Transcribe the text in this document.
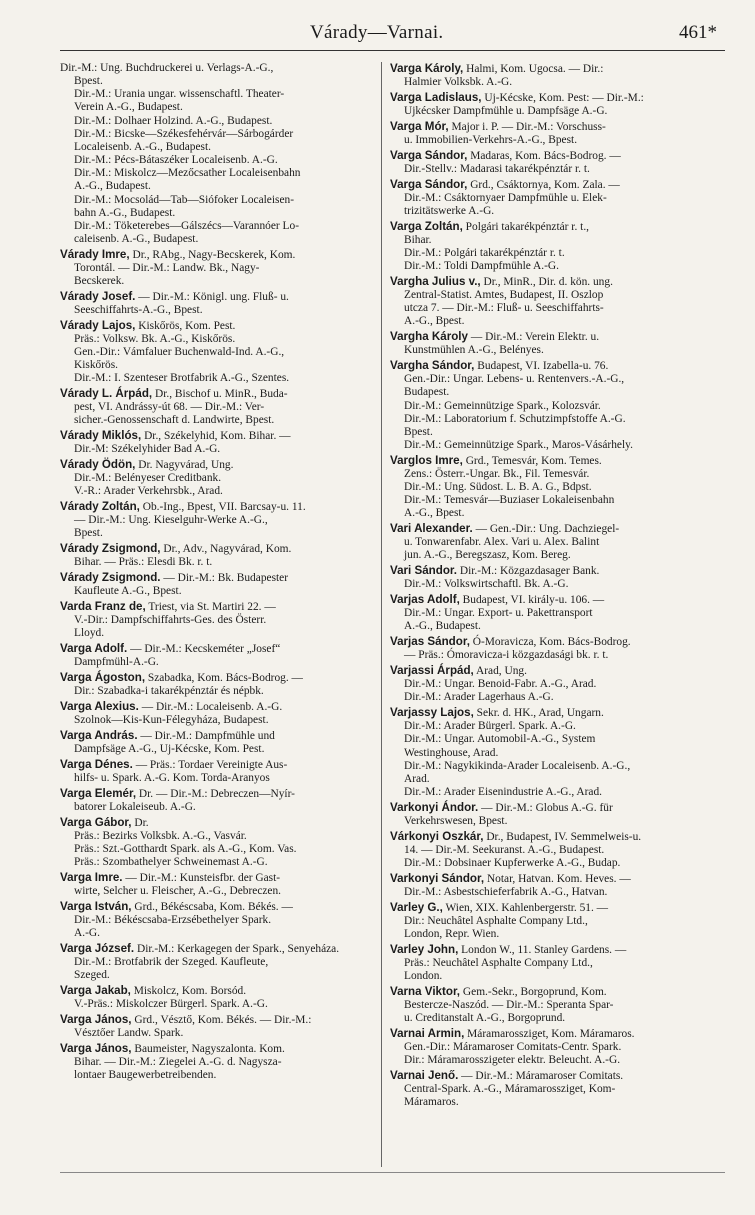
Várady—Varnai.	461*
Dir.-M.: Ung. Buchdruckerei u. Verlags-A.-G.,
Bpest.
Dir.-M.: Urania ungar. wissenschaftl. Theater-
Verein A.-G., Budapest.
Dir.-M.: Dolhaer Holzind. A.-G., Budapest.
Dir.-M.: Bicske—Székesfehérvár—Sárbogárder
Localeisenb. A.-G., Budapest.
Dir.-M.: Pécs-Bátaszéker Localeisenb. A.-G.
Dir.-M.: Miskolcz—Mezőcsather Localeisenbahn
A.-G., Budapest.
Dir.-M.: Mocsolád—Tab—Siófoker Localeisen-
bahn A.-G., Budapest.
Dir.-M.: Töketerebes—Gálszécs—Varannóer Lo-
caleisenb. A.-G., Budapest.
Várady Imre, Dr., RAbg., Nagy-Becskerek, Kom.
Torontál. — Dir.-M.: Landw. Bk., Nagy-
Becskerek.
Várady Josef. — Dir.-M.: Königl. ung. Fluß- u.
Seeschiffahrts-A.-G., Bpest.
Várady Lajos, Kiskőrös, Kom. Pest.
Präs.: Volksw. Bk. A.-G., Kiskőrös.
Gen.-Dir.: Vámfaluer Buchenwald-Ind. A.-G.,
Kiskőrös.
Dir.-M.: I. Szenteser Brotfabrik A.-G., Szentes.
Várady L. Árpád, Dr., Bischof u. MinR., Buda-
pest, VI. Andrássy-út 68. — Dir.-M.: Ver-
sicher.-Genossenschaft d. Landwirte, Bpest.
Várady Miklós, Dr., Székelyhid, Kom. Bihar. —
Dir.-M: Székelyhider Bad A.-G.
Várady Ödön, Dr. Nagyvárad, Ung.
Dir.-M.: Belényeser Creditbank.
V.-R.: Arader Verkehrsbk., Arad.
Várady Zoltán, Ob.-Ing., Bpest, VII. Barcsay-u. 11.
— Dir.-M.: Ung. Kieselguhr-Werke A.-G.,
Bpest.
Várady Zsigmond, Dr., Adv., Nagyvárad, Kom.
Bihar. — Präs.: Elesdi Bk. r. t.
Várady Zsigmond. — Dir.-M.: Bk. Budapester
Kaufleute A.-G., Bpest.
Varda Franz de, Triest, via St. Martiri 22. —
V.-Dir.: Dampfschiffahrts-Ges. des Österr.
Lloyd.
Varga Adolf. — Dir.-M.: Kecskeméter „Josef“
Dampfmühl-A.-G.
Varga Ágoston, Szabadka, Kom. Bács-Bodrog. —
Dir.: Szabadka-i takarékpénztár és népbk.
Varga Alexius. — Dir.-M.: Localeisenb. A.-G.
Szolnok—Kis-Kun-Félegyháza, Budapest.
Varga András. — Dir.-M.: Dampfmühle und
Dampfsäge A.-G., Uj-Kécske, Kom. Pest.
Varga Dénes. — Präs.: Tordaer Vereinigte Aus-
hilfs- u. Spark. A.-G. Kom. Torda-Aranyos
Varga Elemér, Dr. — Dir.-M.: Debreczen—Nyír-
batorer Lokaleiseub. A.-G.
Varga Gábor, Dr.
Präs.: Bezirks Volksbk. A.-G., Vasvár.
Präs.: Szt.-Gotthardt Spark. als A.-G., Kom. Vas.
Präs.: Szombathelyer Schweinemast A.-G.
Varga Imre. — Dir.-M.: Kunsteisfbr. der Gast-
wirte, Selcher u. Fleischer, A.-G., Debreczen.
Varga István, Grd., Békéscsaba, Kom. Békés. —
Dir.-M.: Békéscsaba-Erzsébethelyer Spark.
A.-G.
Varga József. Dir.-M.: Kerkagegen der Spark., Senyeháza.
Dir.-M.: Brotfabrik der Szeged. Kaufleute,
Szeged.
Varga Jakab, Miskolcz, Kom. Borsód.
V.-Präs.: Miskolczer Bürgerl. Spark. A.-G.
Varga János, Grd., Vésztő, Kom. Békés. — Dir.-M.:
Vésztőer Landw. Spark.
Varga János, Baumeister, Nagyszalonta. Kom.
Bihar. — Dir.-M.: Ziegelei A.-G. d. Nagysza-
lontaer Baugewerbetreibenden.
Varga Károly, Halmi, Kom. Ugocsa. — Dir.:
Halmier Volksbk. A.-G.
Varga Ladislaus, Uj-Kécske, Kom. Pest: — Dir.-M.:
Ujkécsker Dampfmühle u. Dampfsäge A.-G.
Varga Mór, Major i. P. — Dir.-M.: Vorschuss-
u. Immobilien-Verkehrs-A.-G., Bpest.
Varga Sándor, Madaras, Kom. Bács-Bodrog. —
Dir.-Stellv.: Madarasi takarékpénztár r. t.
Varga Sándor, Grd., Csáktornya, Kom. Zala. —
Dir.-M.: Csáktornyaer Dampfmühle u. Elek-
trizitätswerke A.-G.
Varga Zoltán, Polgári takarékpénztár r. t.,
Bihar.
Dir.-M.: Polgári takarékpénztár r. t.
Dir.-M.: Toldi Dampfmühle A.-G.
Vargha Julius v., Dr., MinR., Dir. d. kön. ung.
Zentral-Statist. Amtes, Budapest, II. Oszlop
utcza 7. — Dir.-M.: Fluß- u. Seeschiffahrts-
A.-G., Bpest.
Vargha Károly — Dir.-M.: Verein Elektr. u.
Kunstmühlen A.-G., Belényes.
Vargha Sándor, Budapest, VI. Izabella-u. 76.
Gen.-Dir.: Ungar. Lebens- u. Rentenvers.-A.-G.,
Budapest.
Dir.-M.: Gemeinnützige Spark., Kolozsvár.
Dir.-M.: Laboratorium f. Schutzimpfstoffe A.-G.
Bpest.
Dir.-M.: Gemeinnützige Spark., Maros-Vásárhely.
Varglos Imre, Grd., Temesvár, Kom. Temes.
Zens.: Österr.-Ungar. Bk., Fil. Temesvár.
Dir.-M.: Ung. Südost. L. B. A. G., Bdpst.
Dir.-M.: Temesvár—Buziaser Lokaleisenbahn
A.-G., Bpest.
Vari Alexander. — Gen.-Dir.: Ung. Dachziegel-
u. Tonwarenfabr. Alex. Vari u. Alex. Balint
jun. A.-G., Beregszasz, Kom. Bereg.
Vari Sándor. Dir.-M.: Közgazdasager Bank.
Dir.-M.: Volkswirtschaftl. Bk. A.-G.
Varjas Adolf, Budapest, VI. király-u. 106. —
Dir.-M.: Ungar. Export- u. Pakettransport
A.-G., Budapest.
Varjas Sándor, Ó-Moravicza, Kom. Bács-Bodrog.
— Präs.: Ómoravicza-i közgazdasági bk. r. t.
Varjassi Árpád, Arad, Ung.
Dir.-M.: Ungar. Benoid-Fabr. A.-G., Arad.
Dir.-M.: Arader Lagerhaus A.-G.
Varjassy Lajos, Sekr. d. HK., Arad, Ungarn.
Dir.-M.: Arader Bürgerl. Spark. A.-G.
Dir.-M.: Ungar. Automobil-A.-G., System
Westinghouse, Arad.
Dir.-M.: Nagykikinda-Arader Localeisenb. A.-G.,
Arad.
Dir.-M.: Arader Eisenindustrie A.-G., Arad.
Varkonyi Ándor. — Dir.-M.: Globus A.-G. für
Verkehrswesen, Bpest.
Várkonyi Oszkár, Dr., Budapest, IV. Semmelweis-u.
14. — Dir.-M. Seekuranst. A.-G., Budapest.
Dir.-M.: Dobsinaer Kupferwerke A.-G., Budap.
Varkonyi Sándor, Notar, Hatvan. Kom. Heves. —
Dir.-M.: Asbestschieferfabrik A.-G., Hatvan.
Varley G., Wien, XIX. Kahlenbergerstr. 51. —
Dir.: Neuchâtel Asphalte Company Ltd.,
London, Repr. Wien.
Varley John, London W., 11. Stanley Gardens. —
Präs.: Neuchâtel Asphalte Company Ltd.,
London.
Varna Viktor, Gem.-Sekr., Borgoprund, Kom.
Bestercze-Naszód. — Dir.-M.: Speranta Spar-
u. Creditanstalt A.-G., Borgoprund.
Varnai Armin, Máramarossziget, Kom. Máramaros.
Gen.-Dir.: Máramaroser Comitats-Centr. Spark.
Dir.: Máramarosszigeter elektr. Beleucht. A.-G.
Varnai Jenő. — Dir.-M.: Máramaroser Comitats.
Central-Spark. A.-G., Máramarossziget, Kom-
Máramaros.
